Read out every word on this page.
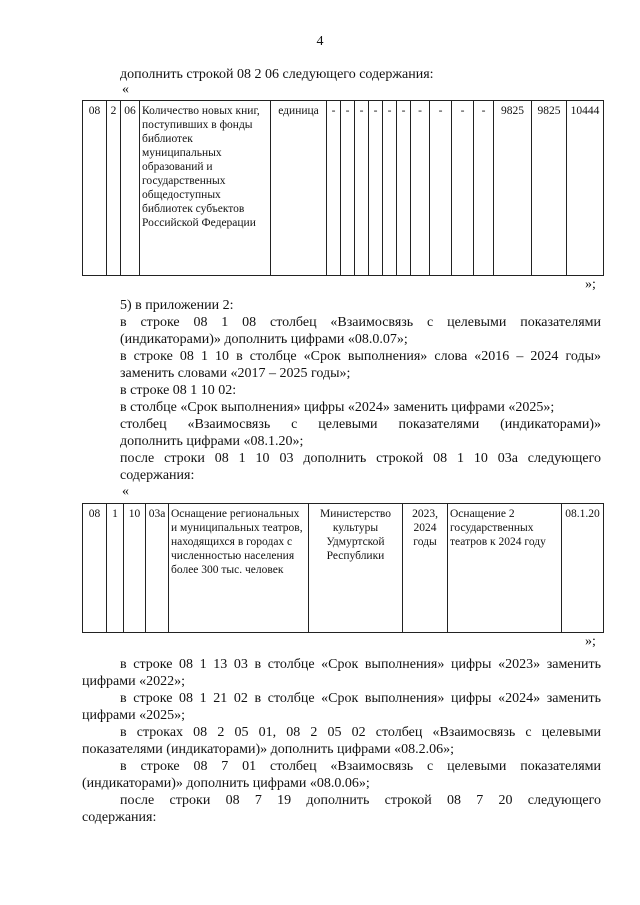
4
дополнить строкой 08 2 06 следующего содержания:
«
08	2	06	Количество новых книг, поступивших в фонды библиотек муниципальных образований и государственных общедоступных библиотек субъектов Российской Федерации	единица	-	-	-	-	-	-	-	-	-	-	9825	9825	10444
»;
5) в приложении 2:
в строке 08 1 08 столбец «Взаимосвязь с целевыми показателями
(индикаторами)» дополнить цифрами «08.0.07»;
в строке 08 1 10 в столбце «Срок выполнения» слова «2016 – 2024 годы»
заменить словами «2017 – 2025 годы»;
в строке 08 1 10 02:
в столбце «Срок выполнения» цифры «2024» заменить цифрами «2025»;
столбец «Взаимосвязь с целевыми показателями (индикаторами)»
дополнить цифрами «08.1.20»;
после строки 08 1 10 03 дополнить строкой 08 1 10 03а следующего
содержания:
«
08	1	10	03а	Оснащение региональных и муниципальных театров, находящихся в городах с численностью населения более 300 тыс. человек	Министерство культуры Удмуртской Республики	2023, 2024 годы	Оснащение 2 государственных театров к 2024 году	08.1.20
»;
в строке 08 1 13 03 в столбце «Срок выполнения» цифры «2023» заменить
цифрами «2022»;
в строке 08 1 21 02 в столбце «Срок выполнения» цифры «2024» заменить
цифрами «2025»;
в строках 08 2 05 01, 08 2 05 02 столбец «Взаимосвязь с целевыми
показателями (индикаторами)» дополнить цифрами «08.2.06»;
в строке 08 7 01 столбец «Взаимосвязь с целевыми показателями
(индикаторами)» дополнить цифрами «08.0.06»;
после строки 08 7 19 дополнить строкой 08 7 20 следующего
содержания:
